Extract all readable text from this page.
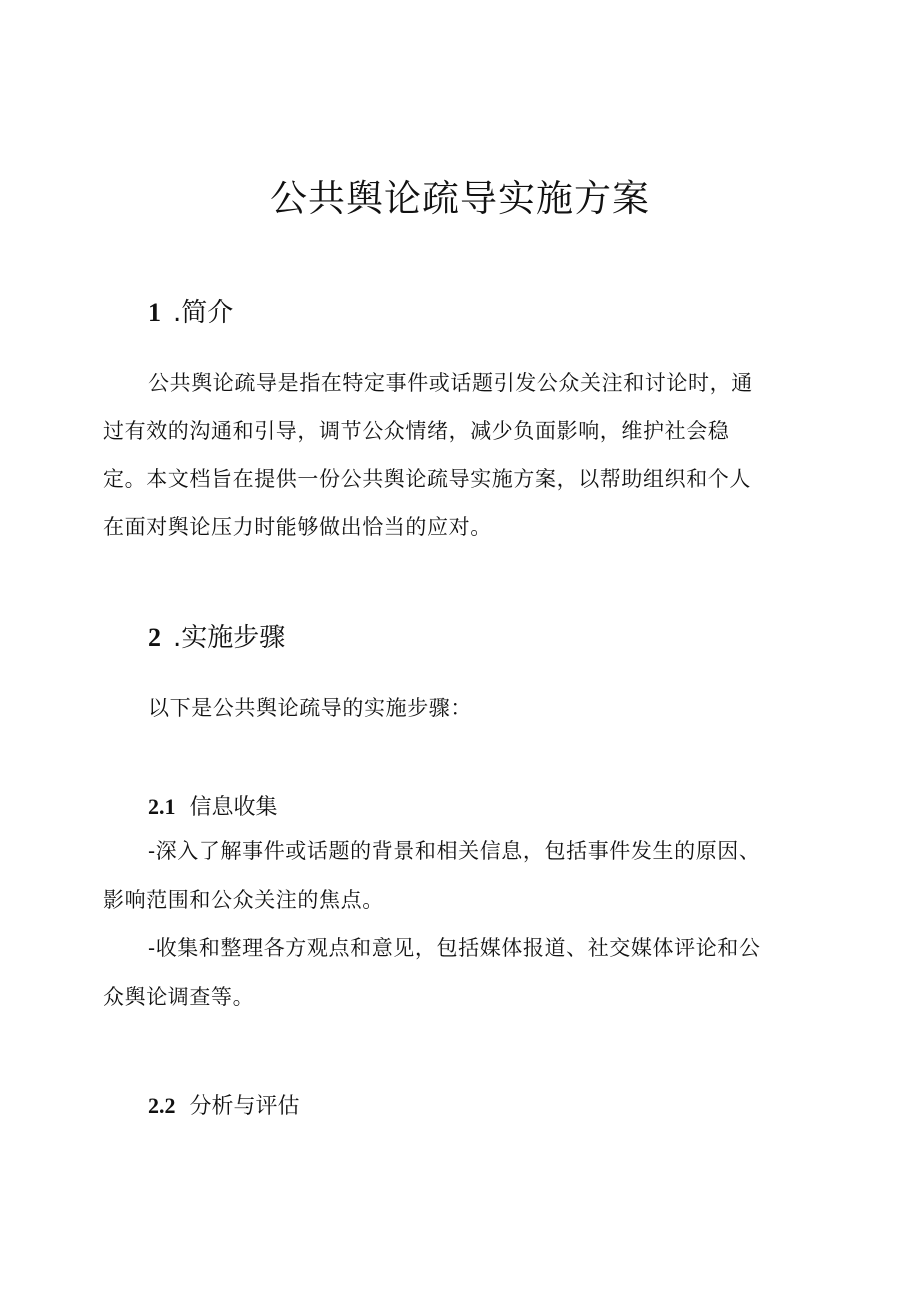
公共舆论疏导实施方案
1 .简介

公共舆论疏导是指在特定事件或话题引发公众关注和讨论时，通

过有效的沟通和引导，调节公众情绪，减少负面影响，维护社会稳

定。本文档旨在提供一份公共舆论疏导实施方案，以帮助组织和个人

在面对舆论压力时能够做出恰当的应对。

2 .实施步骤

以下是公共舆论疏导的实施步骤：

2.1 信息收集

-深入了解事件或话题的背景和相关信息，包括事件发生的原因、

影响范围和公众关注的焦点。

-收集和整理各方观点和意见，包括媒体报道、社交媒体评论和公

众舆论调查等。

2.2 分析与评估
